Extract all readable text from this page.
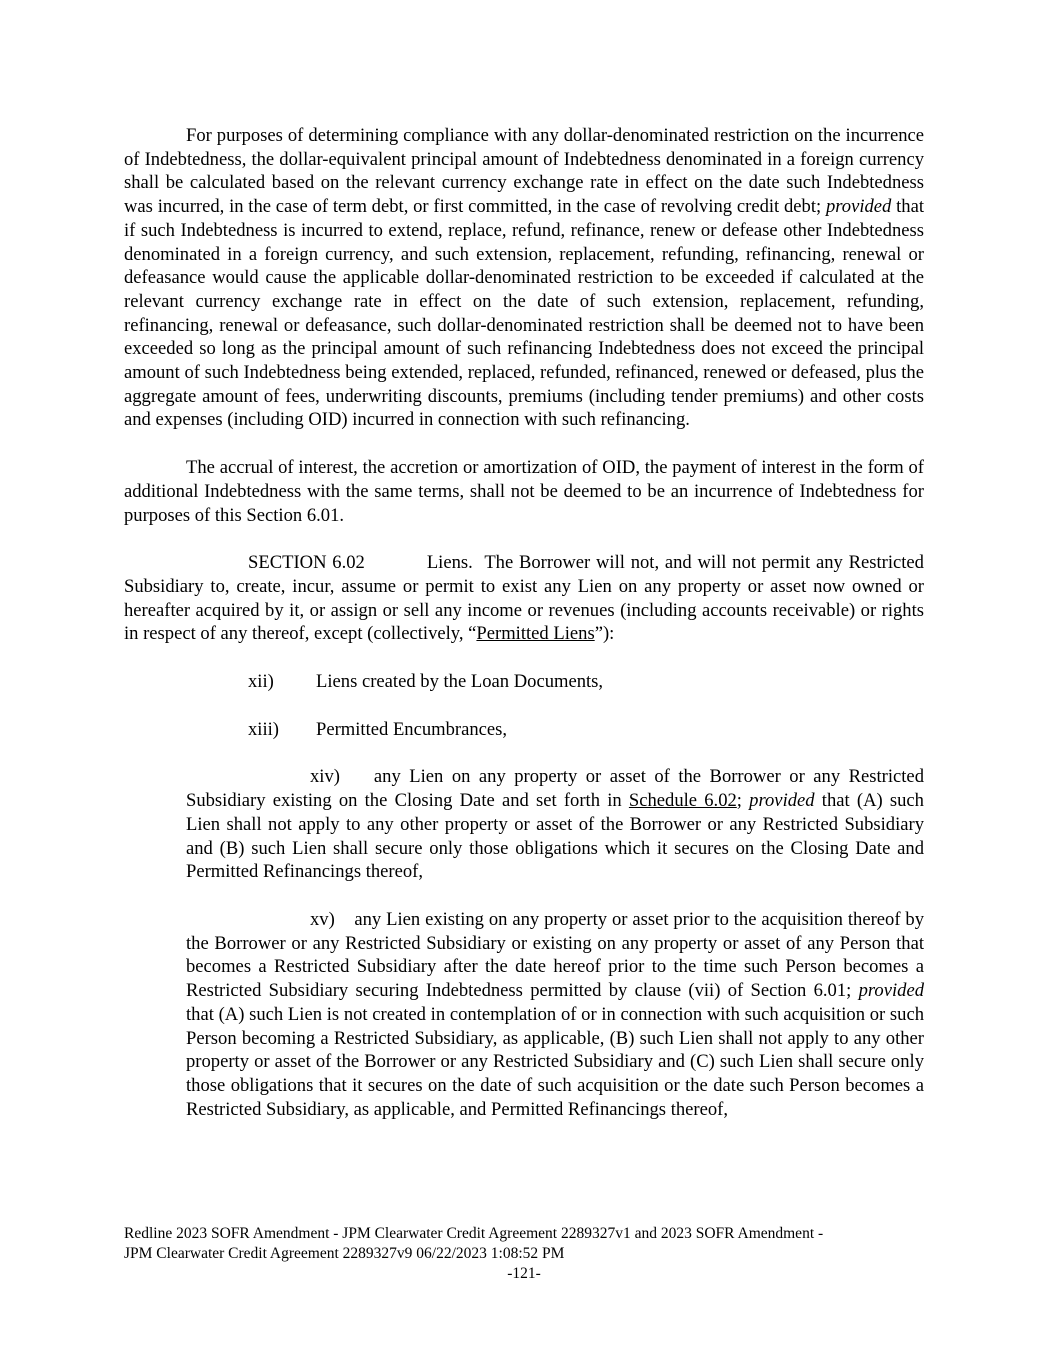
For purposes of determining compliance with any dollar-denominated restriction on the incurrence of Indebtedness, the dollar-equivalent principal amount of Indebtedness denominated in a foreign currency shall be calculated based on the relevant currency exchange rate in effect on the date such Indebtedness was incurred, in the case of term debt, or first committed, in the case of revolving credit debt; provided that if such Indebtedness is incurred to extend, replace, refund, refinance, renew or defease other Indebtedness denominated in a foreign currency, and such extension, replacement, refunding, refinancing, renewal or defeasance would cause the applicable dollar-denominated restriction to be exceeded if calculated at the relevant currency exchange rate in effect on the date of such extension, replacement, refunding, refinancing, renewal or defeasance, such dollar-denominated restriction shall be deemed not to have been exceeded so long as the principal amount of such refinancing Indebtedness does not exceed the principal amount of such Indebtedness being extended, replaced, refunded, refinanced, renewed or defeased, plus the aggregate amount of fees, underwriting discounts, premiums (including tender premiums) and other costs and expenses (including OID) incurred in connection with such refinancing.

The accrual of interest, the accretion or amortization of OID, the payment of interest in the form of additional Indebtedness with the same terms, shall not be deemed to be an incurrence of Indebtedness for purposes of this Section 6.01.

SECTION 6.02	Liens. The Borrower will not, and will not permit any Restricted Subsidiary to, create, incur, assume or permit to exist any Lien on any property or asset now owned or hereafter acquired by it, or assign or sell any income or revenues (including accounts receivable) or rights in respect of any thereof, except (collectively, “Permitted Liens”):

xii) Liens created by the Loan Documents,

xiii) Permitted Encumbrances,

xiv) any Lien on any property or asset of the Borrower or any Restricted Subsidiary existing on the Closing Date and set forth in Schedule 6.02; provided that (A) such Lien shall not apply to any other property or asset of the Borrower or any Restricted Subsidiary and (B) such Lien shall secure only those obligations which it secures on the Closing Date and Permitted Refinancings thereof,

xv) any Lien existing on any property or asset prior to the acquisition thereof by the Borrower or any Restricted Subsidiary or existing on any property or asset of any Person that becomes a Restricted Subsidiary after the date hereof prior to the time such Person becomes a Restricted Subsidiary securing Indebtedness permitted by clause (vii) of Section 6.01; provided that (A) such Lien is not created in contemplation of or in connection with such acquisition or such Person becoming a Restricted Subsidiary, as applicable, (B) such Lien shall not apply to any other property or asset of the Borrower or any Restricted Subsidiary and (C) such Lien shall secure only those obligations that it secures on the date of such acquisition or the date such Person becomes a Restricted Subsidiary, as applicable, and Permitted Refinancings thereof,

Redline 2023 SOFR Amendment - JPM Clearwater Credit Agreement 2289327v1 and 2023 SOFR Amendment -

JPM Clearwater Credit Agreement 2289327v9 06/22/2023 1:08:52 PM

-121-
